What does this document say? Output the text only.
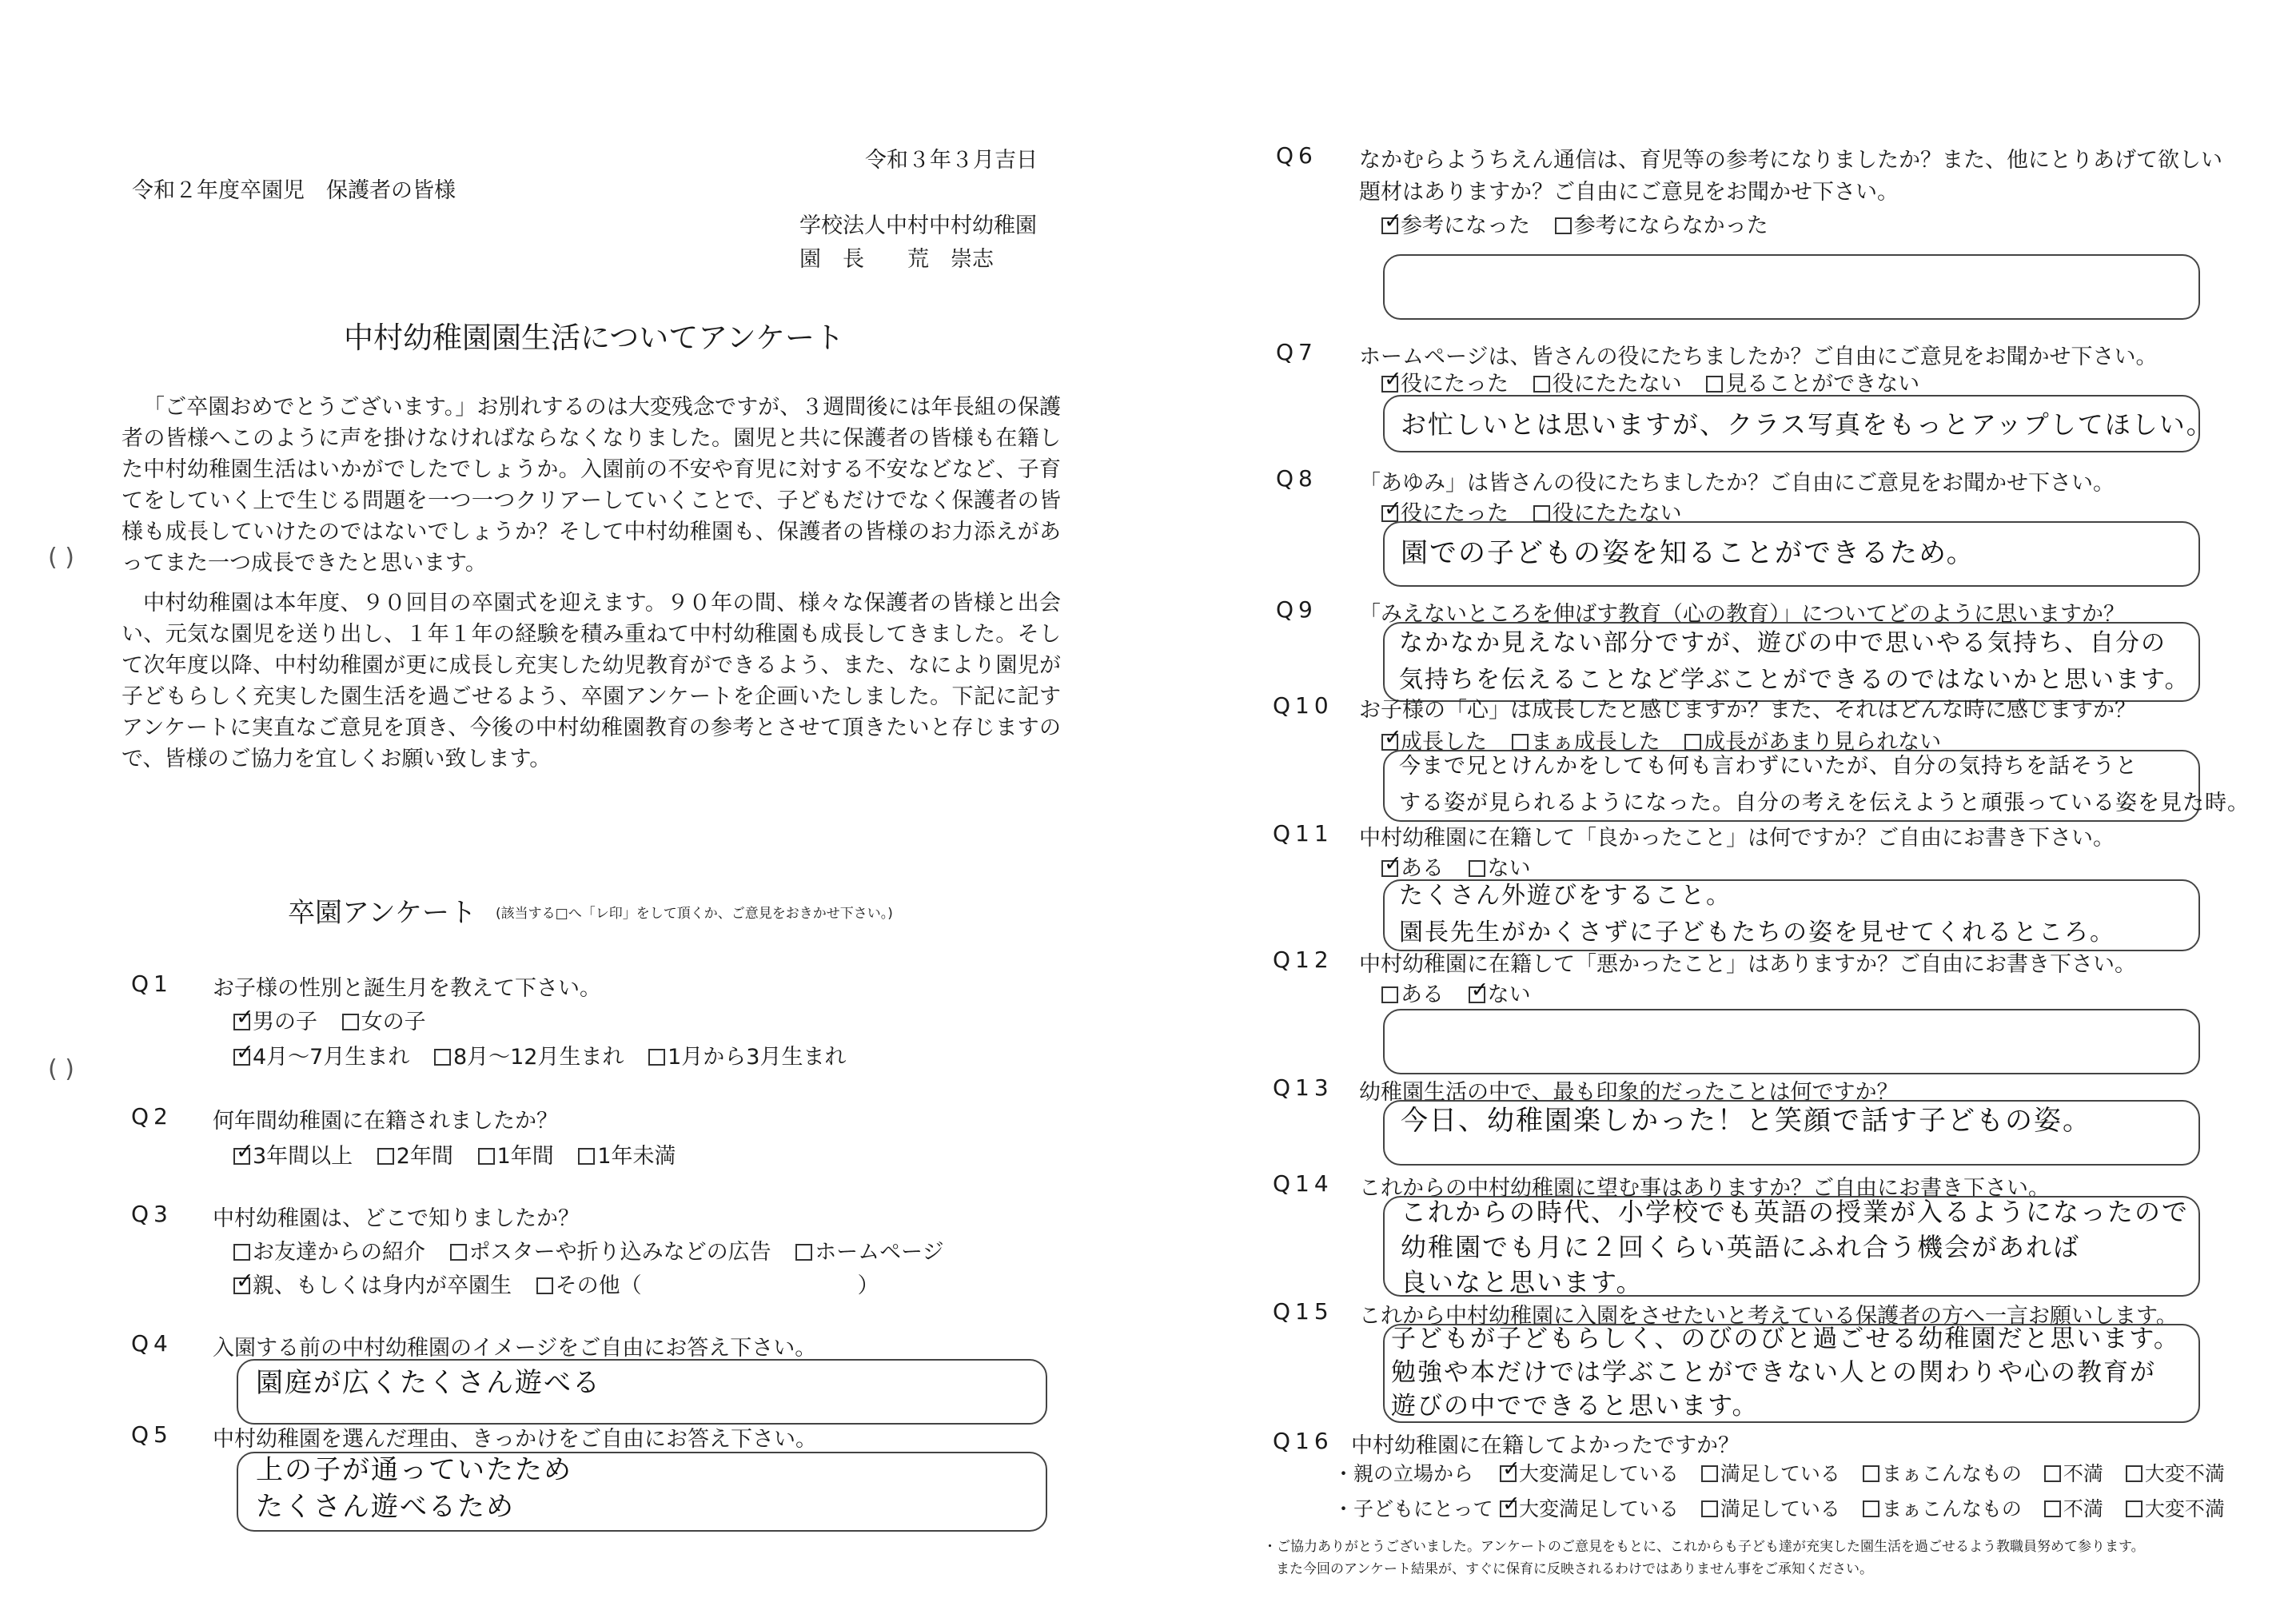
令和３年３月吉日
令和２年度卒園児　保護者の皆様
学校法人中村中村幼稚園
園　長　　荒　崇志
中村幼稚園園生活についてアンケート
「ご卒園おめでとうございます。」お別れするのは大変残念ですが、３週間後には年長組の保護者の皆様へこのように声を掛けなければならなくなりました。園児と共に保護者の皆様も在籍した中村幼稚園生活はいかがでしたでしょうか。入園前の不安や育児に対する不安などなど、子育てをしていく上で生じる問題を一つ一つクリアーしていくことで、子どもだけでなく保護者の皆様も成長していけたのではないでしょうか？そして中村幼稚園も、保護者の皆様のお力添えがあってまた一つ成長できたと思います。
中村幼稚園は本年度、９０回目の卒園式を迎えます。９０年の間、様々な保護者の皆様と出会い、元気な園児を送り出し、１年１年の経験を積み重ねて中村幼稚園も成長してきました。そして次年度以降、中村幼稚園が更に成長し充実した幼児教育ができるよう、また、なにより園児が子どもらしく充実した園生活を過ごせるよう、卒園アンケートを企画いたしました。下記に記すアンケートに実直なご意見を頂き、今後の中村幼稚園教育の参考とさせて頂きたいと存じますので、皆様のご協力を宜しくお願い致します。
( )
( )
卒園アンケート (該当する□へ「レ印」をして頂くか、ご意見をおきかせ下さい。)
Q1 お子様の性別と誕生月を教えて下さい。
✓男の子 女の子
✓4月～7月生まれ 8月～12月生まれ 1月から3月生まれ
Q2 何年間幼稚園に在籍されましたか？
✓3年間以上 2年間 1年間 1年未満
Q3 中村幼稚園は、どこで知りましたか？
お友達からの紹介 ポスターや折り込みなどの広告 ホームページ
✓親、もしくは身内が卒園生 その他（　　　　　　　　　　）
Q4 入園する前の中村幼稚園のイメージをご自由にお答え下さい。
園庭が広くたくさん遊べる
Q5 中村幼稚園を選んだ理由、きっかけをご自由にお答え下さい。
上の子が通っていたため
たくさん遊べるため
Q6 なかむらようちえん通信は、育児等の参考になりましたか？また、他にとりあげて欲しい
題材はありますか？ご自由にご意見をお聞かせ下さい。
✓参考になった 参考にならなかった
Q7 ホームページは、皆さんの役にたちましたか？ご自由にご意見をお聞かせ下さい。
✓役にたった 役にたたない 見ることができない
お忙しいとは思いますが、クラス写真をもっとアップしてほしい。
Q8 「あゆみ」は皆さんの役にたちましたか？ご自由にご意見をお聞かせ下さい。
✓役にたった 役にたたない
園での子どもの姿を知ることができるため。
Q9 「みえないところを伸ばす教育（心の教育）」についてどのように思いますか？
なかなか見えない部分ですが、遊びの中で思いやる気持ち、自分の
気持ちを伝えることなど学ぶことができるのではないかと思います。
Q10 お子様の「心」は成長したと感じますか？また、それはどんな時に感じますか？
✓成長した まぁ成長した 成長があまり見られない
今まで兄とけんかをしても何も言わずにいたが、自分の気持ちを話そうと
する姿が見られるようになった。自分の考えを伝えようと頑張っている姿を見た時。
Q11 中村幼稚園に在籍して「良かったこと」は何ですか？ご自由にお書き下さい。
✓ある ない
たくさん外遊びをすること。
園長先生がかくさずに子どもたちの姿を見せてくれるところ。
Q12 中村幼稚園に在籍して「悪かったこと」はありますか？ご自由にお書き下さい。
ある ✓ ない
Q13 幼稚園生活の中で、最も印象的だったことは何ですか？
今日、幼稚園楽しかった！と笑顔で話す子どもの姿。
Q14 これからの中村幼稚園に望む事はありますか？ご自由にお書き下さい。
これからの時代、小学校でも英語の授業が入るようになったので
幼稚園でも月に２回くらい英語にふれ合う機会があれば
良いなと思います。
Q15 これから中村幼稚園に入園をさせたいと考えている保護者の方へ一言お願いします。
子どもが子どもらしく、のびのびと過ごせる幼稚園だと思います。
勉強や本だけでは学ぶことができない人との関わりや心の教育が
遊びの中でできると思います。
Q16 中村幼稚園に在籍してよかったですか？
・親の立場から ✓ 大変満足している 満足している まぁこんなもの 不満 大変不満
・子どもにとって ✓ 大変満足している 満足している まぁこんなもの 不満 大変不満
・ご協力ありがとうございました。アンケートのご意見をもとに、これからも子ども達が充実した園生活を過ごせるよう教職員努めて参ります。
また今回のアンケート結果が、すぐに保育に反映されるわけではありません事をご承知ください。
